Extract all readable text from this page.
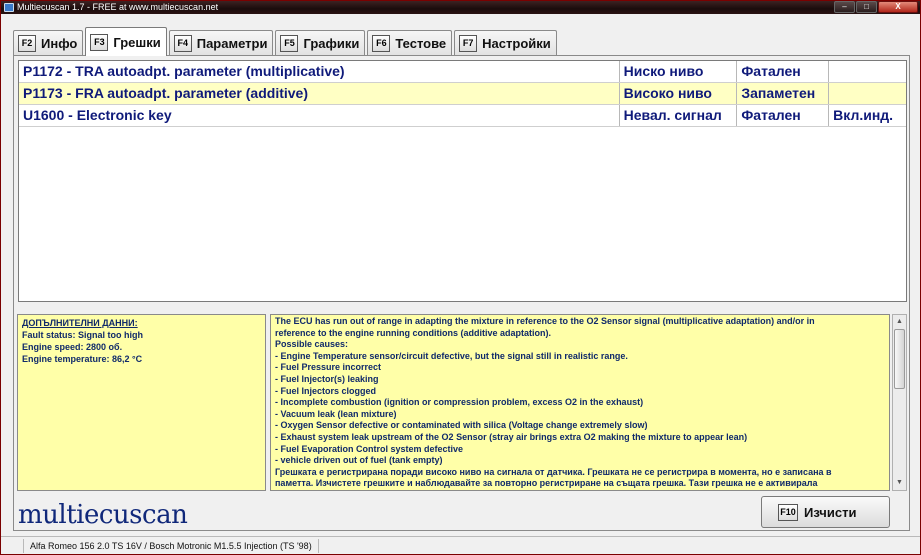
Multiecuscan 1.7 - FREE at www.multiecuscan.net	–	□	X
F2 Инфо	F3 Грешки	F4 Параметри	F5 Графики	F6 Тестове	F7 Настройки
P1172 - TRA autoadpt. parameter (multiplicative)	Ниско ниво	Фатален
P1173 - FRA autoadpt. parameter (additive)	Високо ниво	Запаметен
U1600 - Electronic key	Невал. сигнал	Фатален	Вкл.инд.
ДОПЪЛНИТЕЛНИ ДАННИ:
Fault status: Signal too high
Engine speed: 2800 об.
Engine temperature: 86,2 °C
The ECU has run out of range in adapting the mixture in reference to the O2 Sensor signal (multiplicative adaptation) and/or in
reference to the engine running conditions (additive adaptation).
Possible causes:
- Engine Temperature sensor/circuit defective, but the signal still in realistic range.
- Fuel Pressure incorrect
- Fuel Injector(s) leaking
- Fuel Injectors clogged
- Incomplete combustion (ignition or compression problem, excess O2 in the exhaust)
- Vacuum leak (lean mixture)
- Oxygen Sensor defective or contaminated with silica (Voltage change extremely slow)
- Exhaust system leak upstream of the O2 Sensor (stray air brings extra O2 making the mixture to appear lean)
- Fuel Evaporation Control system defective
- vehicle driven out of fuel (tank empty)
Грешката е регистрирана поради високо ниво на сигнала от датчика. Грешката не се регистрира в момента, но е записана в
паметта. Изчистете грешките и наблюдавайте за повторно регистриране на същата грешка. Тази грешка не е активирала
▲
▼
multiecuscan	F10 Изчисти
Alfa Romeo 156 2.0 TS 16V / Bosch Motronic M1.5.5 Injection (TS '98)
